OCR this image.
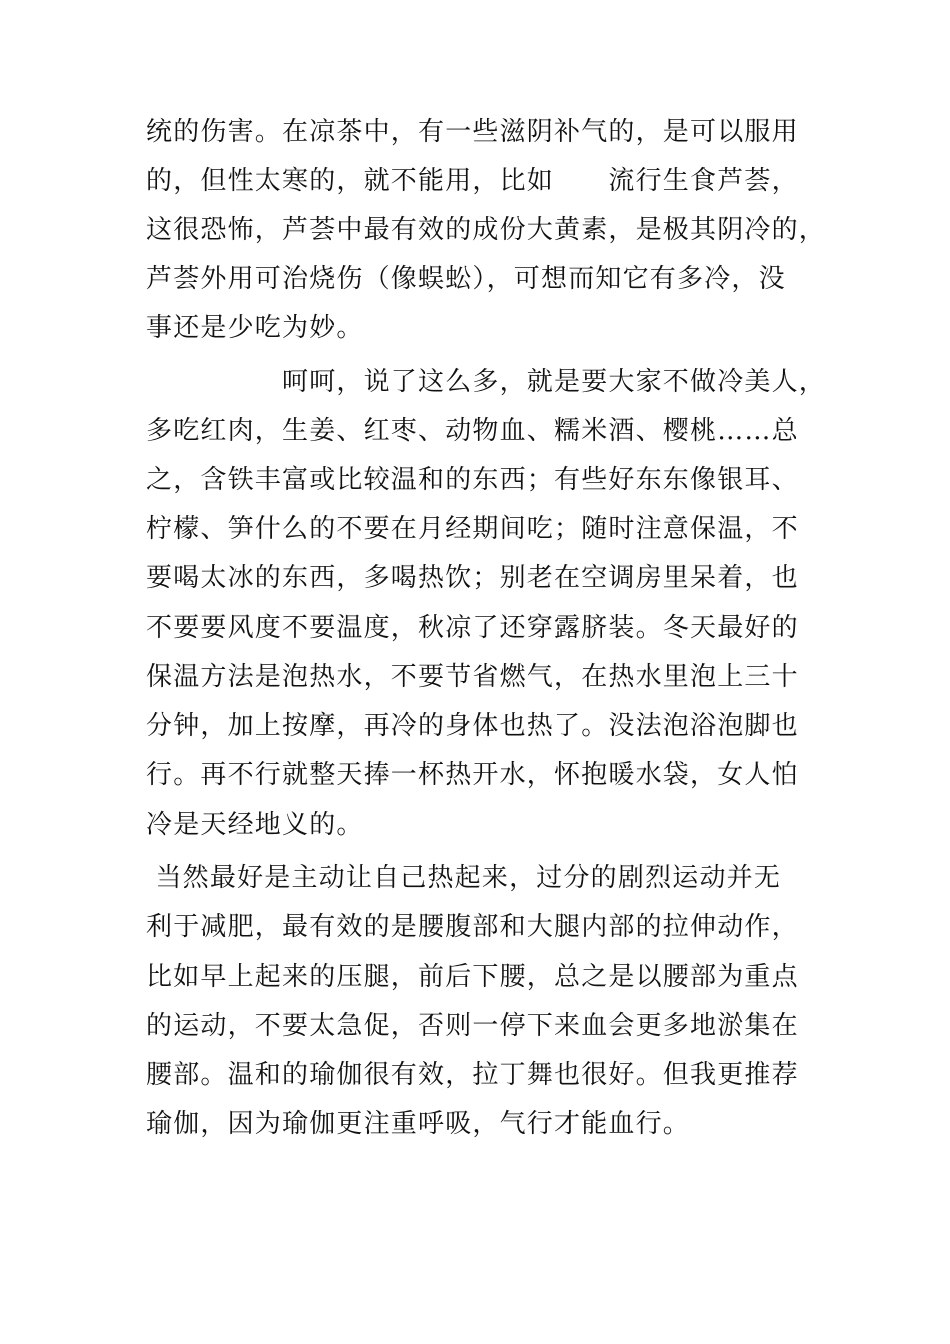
统的伤害。在凉茶中，有一些滋阴补气的，是可以服用
的，但性太寒的，就不能用，比如　　流行生食芦荟，
这很恐怖，芦荟中最有效的成份大黄素，是极其阴冷的，
芦荟外用可治烧伤（像蜈蚣），可想而知它有多冷，没
事还是少吃为妙。
　　　　　呵呵，说了这么多，就是要大家不做冷美人，
多吃红肉，生姜、红枣、动物血、糯米酒、樱桃……总
之，含铁丰富或比较温和的东西；有些好东东像银耳、
柠檬、笋什么的不要在月经期间吃；随时注意保温，不
要喝太冰的东西，多喝热饮；别老在空调房里呆着，也
不要要风度不要温度，秋凉了还穿露脐装。冬天最好的
保温方法是泡热水，不要节省燃气，在热水里泡上三十
分钟，加上按摩，再冷的身体也热了。没法泡浴泡脚也
行。再不行就整天捧一杯热开水，怀抱暖水袋，女人怕
冷是天经地义的。
当然最好是主动让自己热起来，过分的剧烈运动并无
利于减肥，最有效的是腰腹部和大腿内部的拉伸动作，
比如早上起来的压腿，前后下腰，总之是以腰部为重点
的运动，不要太急促，否则一停下来血会更多地淤集在
腰部。温和的瑜伽很有效，拉丁舞也很好。但我更推荐
瑜伽，因为瑜伽更注重呼吸，气行才能血行。
